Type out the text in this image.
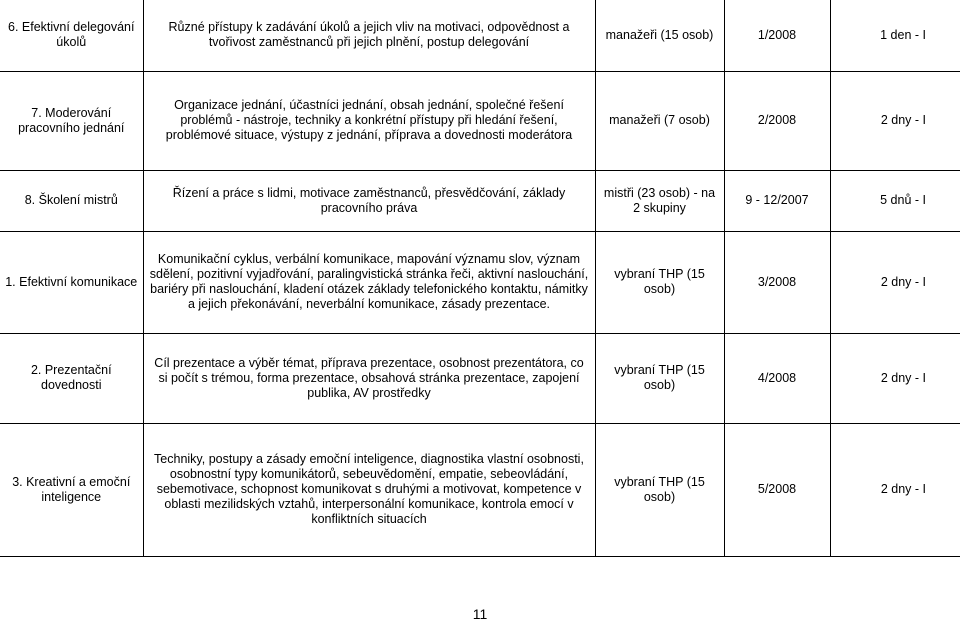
6. Efektivní delegování úkolů	Různé přístupy k zadávání úkolů a jejich vliv na motivaci, odpovědnost a tvořivost zaměstnanců při jejich plnění, postup delegování	manažeři (15 osob)	1/2008	1 den - I
7. Moderování pracovního jednání	Organizace jednání, účastníci jednání, obsah jednání, společné řešení problémů - nástroje, techniky a konkrétní přístupy při hledání řešení, problémové situace, výstupy z jednání, příprava a dovednosti moderátora	manažeři (7 osob)	2/2008	2 dny - I
8. Školení mistrů	Řízení a práce s lidmi, motivace zaměstnanců, přesvědčování, základy pracovního práva	mistři (23 osob) - na 2 skupiny	9 - 12/2007	5 dnů - I
1. Efektivní komunikace	Komunikační cyklus, verbální komunikace, mapování významu slov, význam sdělení, pozitivní vyjadřování, paralingvistická stránka řeči, aktivní naslouchání, bariéry při naslouchání, kladení otázek základy telefonického kontaktu, námitky a jejich překonávání, neverbální komunikace, zásady prezentace.	vybraní THP (15 osob)	3/2008	2 dny - I
2. Prezentační dovednosti	Cíl prezentace a výběr témat, příprava prezentace, osobnost prezentátora, co si počít s trémou, forma prezentace, obsahová stránka prezentace, zapojení publika, AV prostředky	vybraní THP (15 osob)	4/2008	2 dny - I
3. Kreativní a emoční inteligence	Techniky, postupy a zásady emoční inteligence, diagnostika vlastní osobnosti, osobnostní typy komunikátorů, sebeuvědomění, empatie, sebeovládání, sebemotivace, schopnost komunikovat s druhými a motivovat, kompetence v oblasti mezilidských vztahů, interpersonální komunikace, kontrola emocí v konfliktních situacích	vybraní THP (15 osob)	5/2008	2 dny - I
11
